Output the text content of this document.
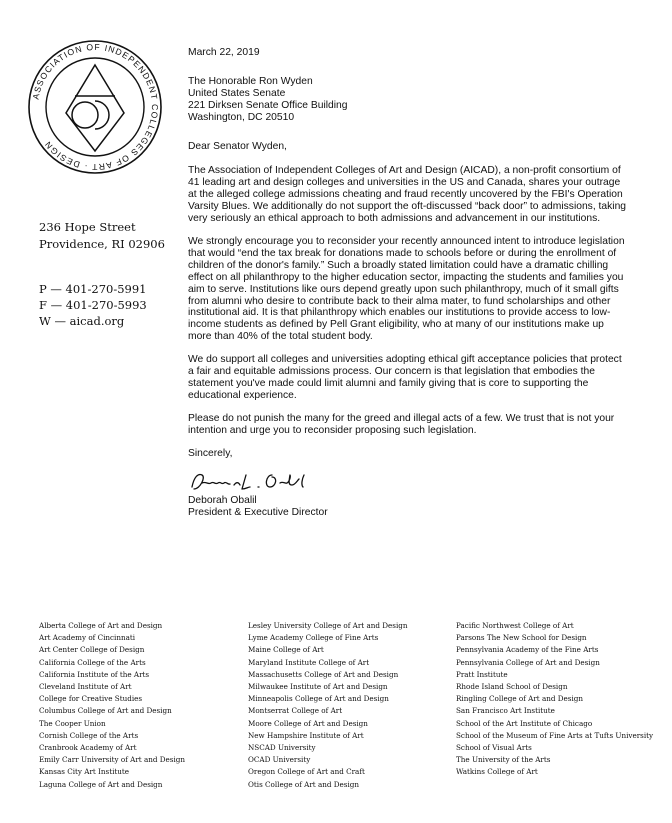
ASSOCIATION OF INDEPENDENT COLLEGES OF ART · DESIGN
236 Hope Street
Providence, RI 02906
P — 401-270-5991
F — 401-270-5993
W — aicad.org
March 22, 2019
The Honorable Ron Wyden
United States Senate
221 Dirksen Senate Office Building
Washington, DC 20510

Dear Senator Wyden,

The Association of Independent Colleges of Art and Design (AICAD), a non-profit consortium of 41 leading art and design colleges and universities in the US and Canada, shares your outrage at the alleged college admissions cheating and fraud recently uncovered by the FBI's Operation Varsity Blues. We additionally do not support the oft-discussed “back door” to admissions, taking very seriously an ethical approach to both admissions and advancement in our institutions.

We strongly encourage you to reconsider your recently announced intent to introduce legislation that would “end the tax break for donations made to schools before or during the enrollment of children of the donor's family.” Such a broadly stated limitation could have a dramatic chilling effect on all philanthropy to the higher education sector, impacting the students and families you aim to serve. Institutions like ours depend greatly upon such philanthropy, much of it small gifts from alumni who desire to contribute back to their alma mater, to fund scholarships and other institutional aid. It is that philanthropy which enables our institutions to provide access to low-income students as defined by Pell Grant eligibility, who at many of our institutions make up more than 40% of the total student body.

We do support all colleges and universities adopting ethical gift acceptance policies that protect a fair and equitable admissions process. Our concern is that legislation that embodies the statement you've made could limit alumni and family giving that is core to supporting the educational experience.

Please do not punish the many for the greed and illegal acts of a few. We trust that is not your intention and urge you to reconsider proposing such legislation.

Sincerely,

Deborah Obalil
President & Executive Director
Alberta College of Art and Design
Art Academy of Cincinnati
Art Center College of Design
California College of the Arts
California Institute of the Arts
Cleveland Institute of Art
College for Creative Studies
Columbus College of Art and Design
The Cooper Union
Cornish College of the Arts
Cranbrook Academy of Art
Emily Carr University of Art and Design
Kansas City Art Institute
Laguna College of Art and Design
Lesley University College of Art and Design
Lyme Academy College of Fine Arts
Maine College of Art
Maryland Institute College of Art
Massachusetts College of Art and Design
Milwaukee Institute of Art and Design
Minneapolis College of Art and Design
Montserrat College of Art
Moore College of Art and Design
New Hampshire Institute of Art
NSCAD University
OCAD University
Oregon College of Art and Craft
Otis College of Art and Design
Pacific Northwest College of Art
Parsons The New School for Design
Pennsylvania Academy of the Fine Arts
Pennsylvania College of Art and Design
Pratt Institute
Rhode Island School of Design
Ringling College of Art and Design
San Francisco Art Institute
School of the Art Institute of Chicago
School of the Museum of Fine Arts at Tufts University
School of Visual Arts
The University of the Arts
Watkins College of Art
